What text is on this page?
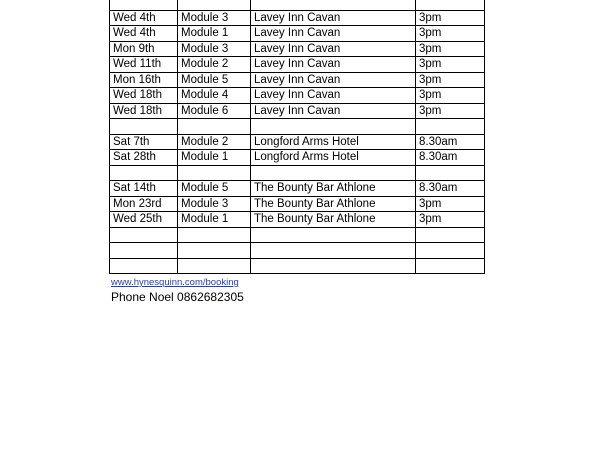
Wed 4th	Module 3	Lavey Inn Cavan	3pm
Wed 4th	Module 1	Lavey Inn Cavan	3pm
Mon 9th	Module 3	Lavey Inn Cavan	3pm
Wed 11th	Module 2	Lavey Inn Cavan	3pm
Mon 16th	Module 5	Lavey Inn Cavan	3pm
Wed 18th	Module 4	Lavey Inn Cavan	3pm
Wed 18th	Module 6	Lavey Inn Cavan	3pm

Sat 7th	Module 2	Longford Arms Hotel	8.30am
Sat 28th	Module 1	Longford Arms Hotel	8.30am

Sat 14th	Module 5	The Bounty Bar Athlone	8.30am
Mon 23rd	Module 3	The Bounty Bar Athlone	3pm
Wed 25th	Module 1	The Bounty Bar Athlone	3pm

www.hynesquinn.com/booking
Phone Noel 0862682305
